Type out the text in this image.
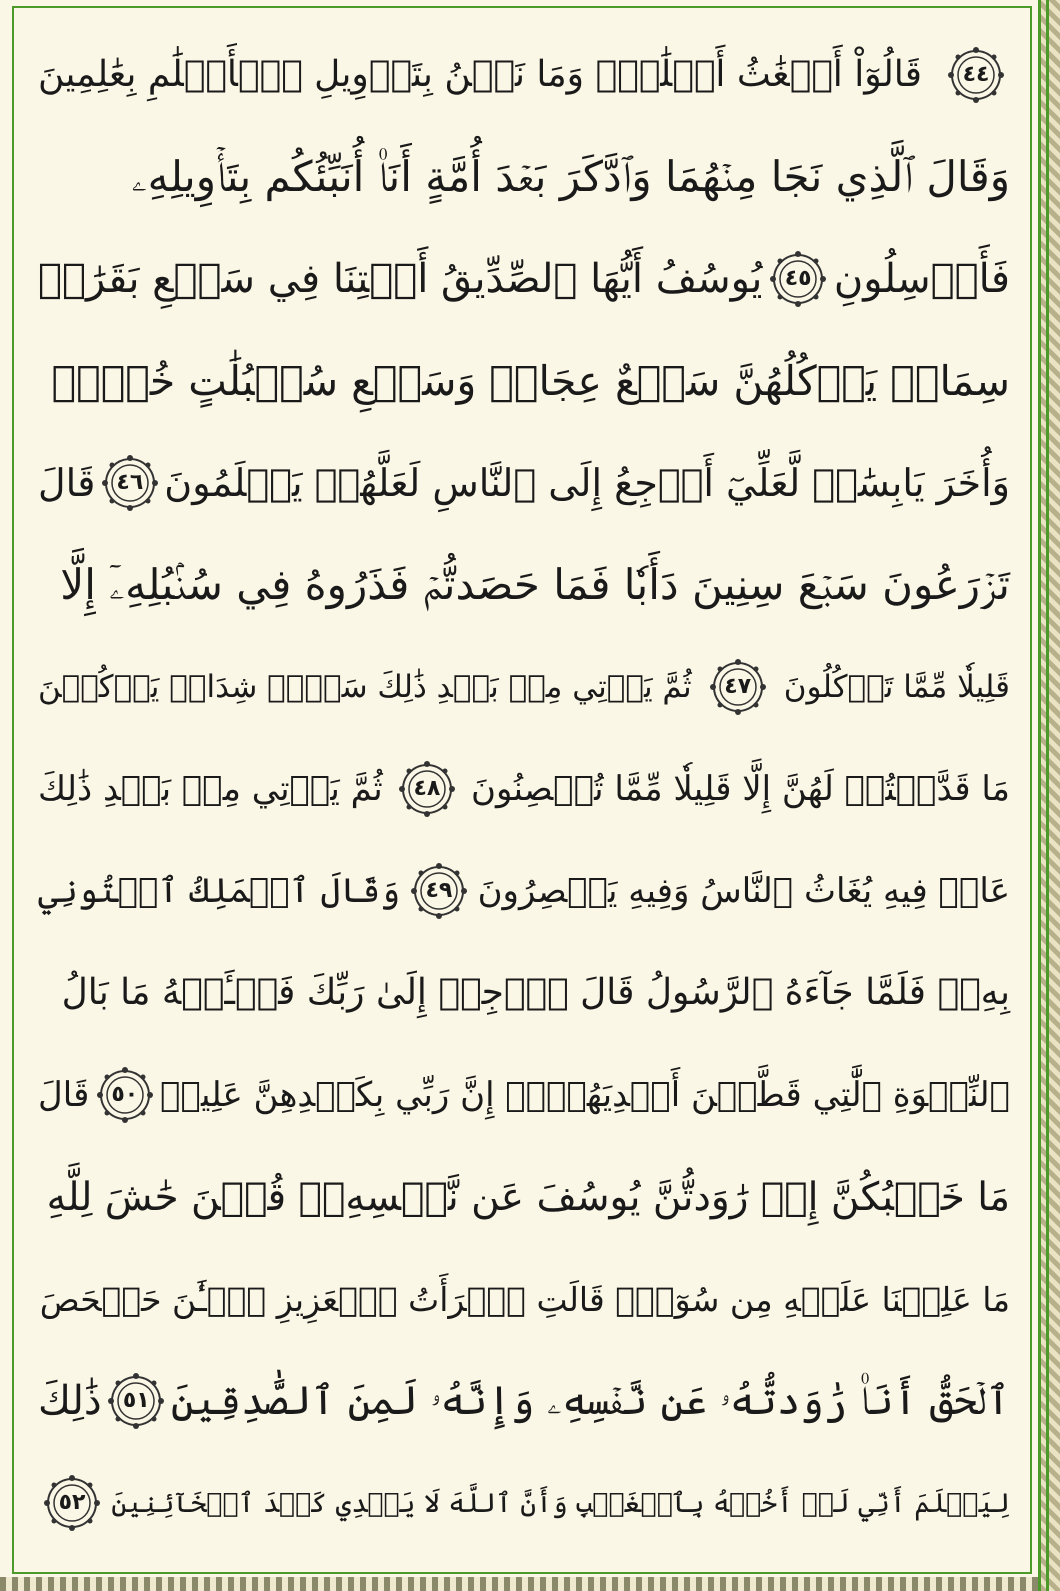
٤٤
قَالُوٓاْ أَضۡغَٰثُ أَحۡلَٰمٖۖ وَمَا نَحۡنُ بِتَأۡوِيلِ ٱلۡأَحۡلَٰمِ بِعَٰلِمِينَ
وَقَالَ ٱلَّذِي نَجَا مِنۡهُمَا وَٱدَّكَرَ بَعۡدَ أُمَّةٍ أَنَا۠ أُنَبِّئُكُم بِتَأۡوِيلِهِۦ
فَأَرۡسِلُونِ
٤٥
يُوسُفُ أَيُّهَا ٱلصِّدِّيقُ أَفۡتِنَا فِي سَبۡعِ بَقَرَٰتٖ
سِمَانٖ يَأۡكُلُهُنَّ سَبۡعٌ عِجَافٞ وَسَبۡعِ سُنۢبُلَٰتٍ خُضۡرٖ
وَأُخَرَ يَابِسَٰتٖ لَّعَلِّيٓ أَرۡجِعُ إِلَى ٱلنَّاسِ لَعَلَّهُمۡ يَعۡلَمُونَ
٤٦
قَالَ
تَزۡرَعُونَ سَبۡعَ سِنِينَ دَأَبٗا فَمَا حَصَدتُّمۡ فَذَرُوهُ فِي سُنۢبُلِهِۦٓ إِلَّا
قَلِيلٗا مِّمَّا تَأۡكُلُونَ
٤٧
ثُمَّ يَأۡتِي مِنۢ بَعۡدِ ذَٰلِكَ سَبۡعٞ شِدَادٞ يَأۡكُلۡنَ
مَا قَدَّمۡتُمۡ لَهُنَّ إِلَّا قَلِيلٗا مِّمَّا تُحۡصِنُونَ
٤٨
ثُمَّ يَأۡتِي مِنۢ بَعۡدِ ذَٰلِكَ
عَامٞ فِيهِ يُغَاثُ ٱلنَّاسُ وَفِيهِ يَعۡصِرُونَ
٤٩
وَقَالَ ٱلۡمَلِكُ ٱئۡتُونِي
بِهِۦۖ فَلَمَّا جَآءَهُ ٱلرَّسُولُ قَالَ ٱرۡجِعۡ إِلَىٰ رَبِّكَ فَسۡـَٔلۡهُ مَا بَالُ
ٱلنِّسۡوَةِ ٱلَّٰتِي قَطَّعۡنَ أَيۡدِيَهُنَّۚ إِنَّ رَبِّي بِكَيۡدِهِنَّ عَلِيمٞ
٥٠
قَالَ
مَا خَطۡبُكُنَّ إِذۡ رَٰوَدتُّنَّ يُوسُفَ عَن نَّفۡسِهِۦۚ قُلۡنَ حَٰشَ لِلَّهِ
مَا عَلِمۡنَا عَلَيۡهِ مِن سُوٓءٖۚ قَالَتِ ٱمۡرَأَتُ ٱلۡعَزِيزِ ٱلۡـَٰٔنَ حَصۡحَصَ
ٱلۡحَقُّ أَنَا۠ رَٰوَدتُّهُۥ عَن نَّفۡسِهِۦ وَإِنَّهُۥ لَمِنَ ٱلصَّٰدِقِينَ
٥١
ذَٰلِكَ
لِيَعۡلَمَ أَنِّي لَمۡ أَخُنۡهُ بِٱلۡغَيۡبِ وَأَنَّ ٱللَّهَ لَا يَهۡدِي كَيۡدَ ٱلۡخَآئِنِينَ
٥٢
